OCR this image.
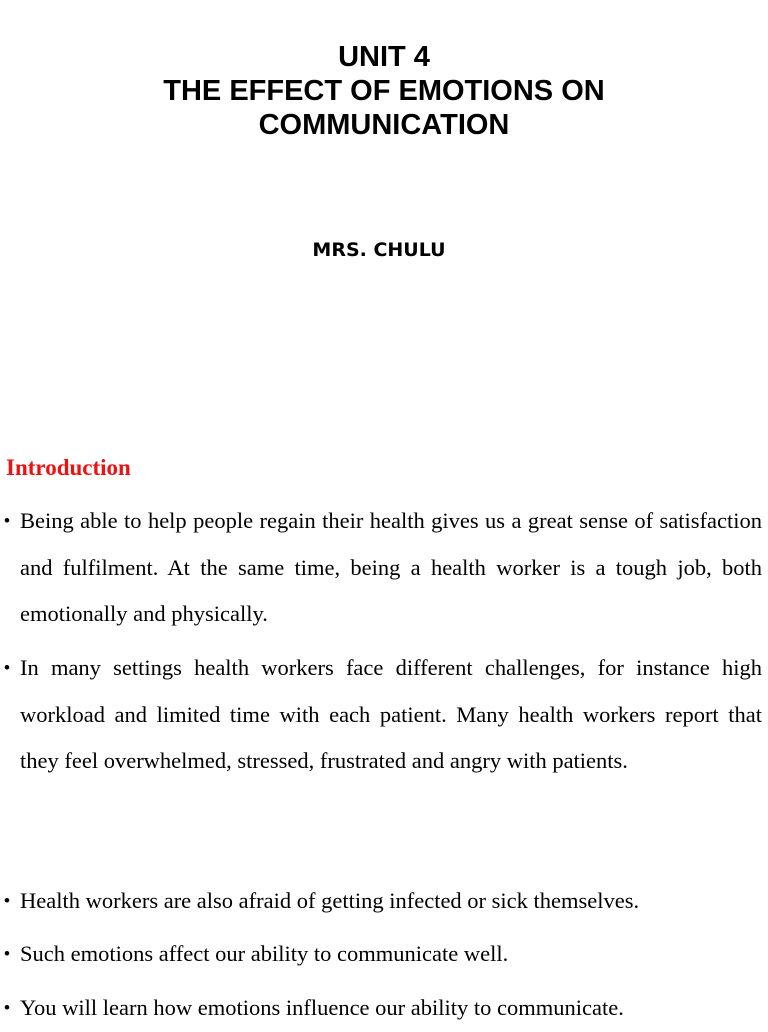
UNIT 4
THE EFFECT OF EMOTIONS ON
COMMUNICATION
MRS. CHULU
Introduction
• Being able to help people regain their health gives us a great sense of satisfaction and fulfilment. At the same time, being a health worker is a tough job, both emotionally and physically.
• In many settings health workers face different challenges, for instance high workload and limited time with each patient. Many health workers report that they feel overwhelmed, stressed, frustrated and angry with patients.
• Health workers are also afraid of getting infected or sick themselves.
• Such emotions affect our ability to communicate well.
• You will learn how emotions influence our ability to communicate.
